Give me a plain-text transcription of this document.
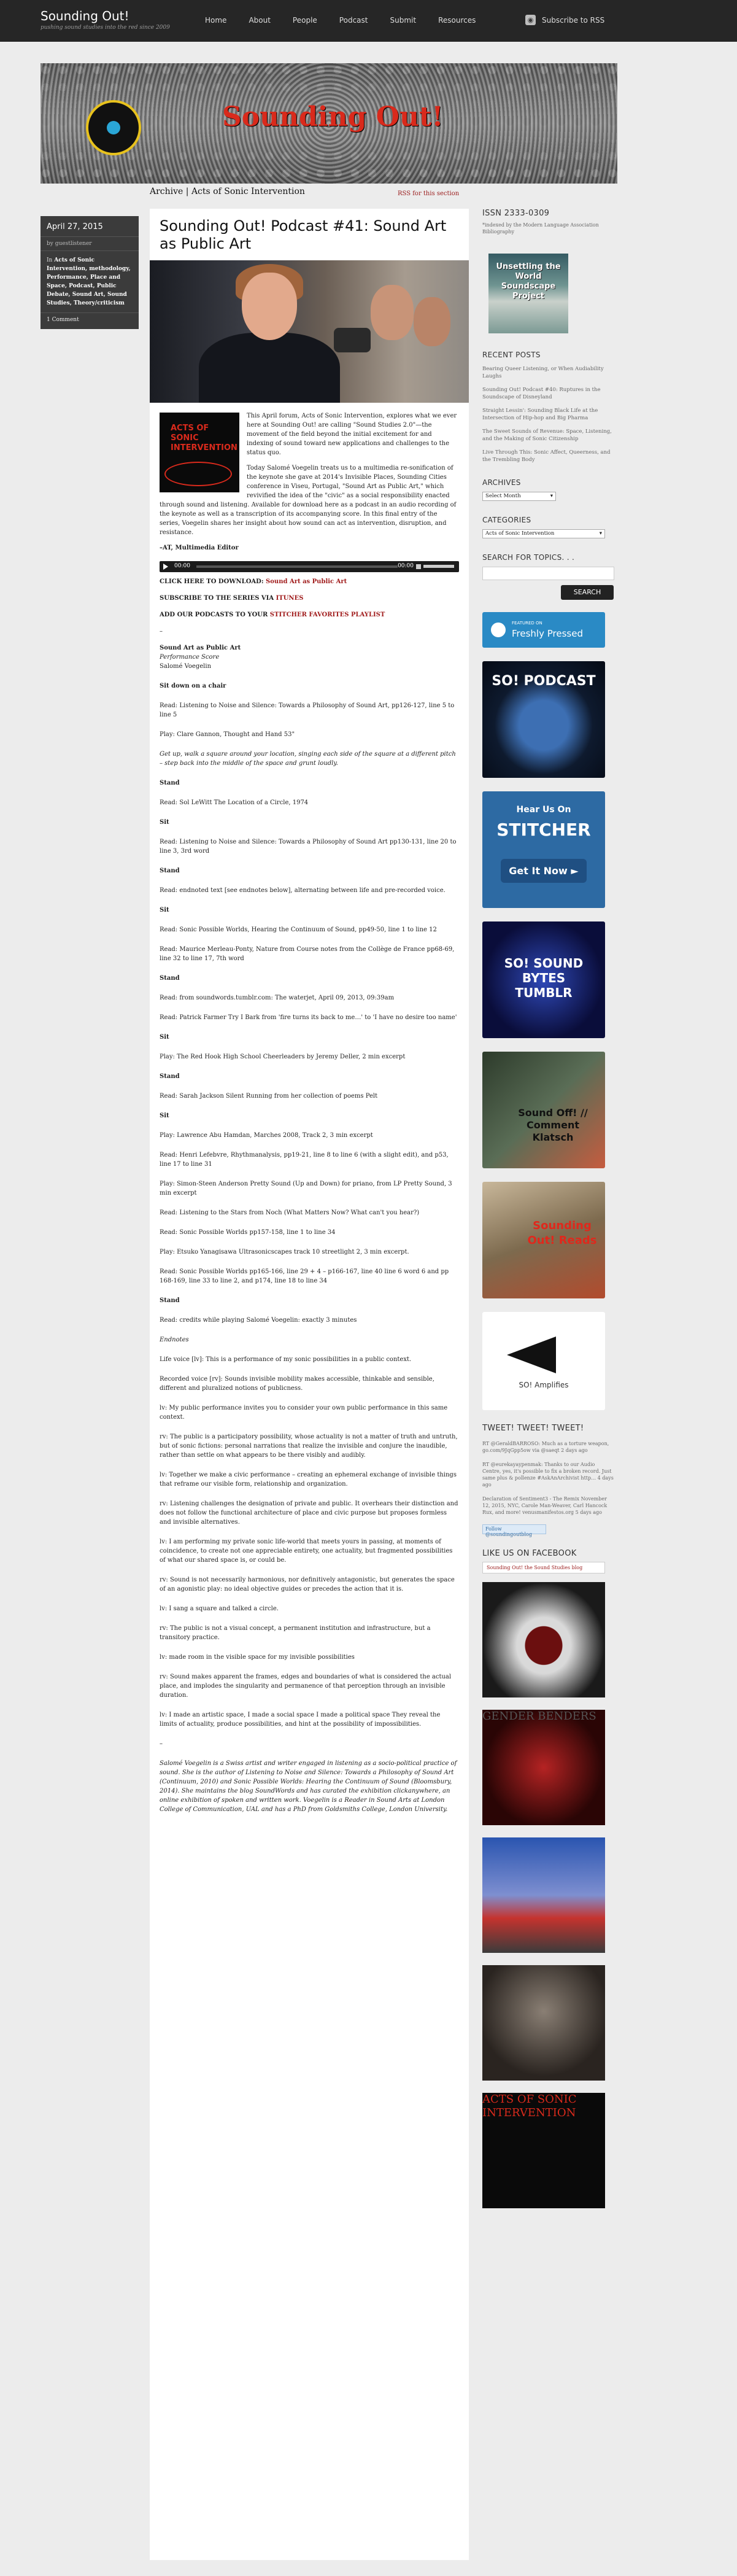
Sounding Out!
pushing sound studies into the red since 2009
Home	About	People	Podcast	Submit	Resources	◉	Subscribe to RSS
Sounding Out!
Archive | Acts of Sonic Intervention	RSS for this section
April 27, 2015
by guestlistener
In Acts of Sonic Intervention, methodology, Performance, Place and Space, Podcast, Public Debate, Sound Art, Sound Studies, Theory/criticism
1 Comment
Sounding Out! Podcast #41: Sound Art as Public Art
ACTS OF SONIC INTERVENTION

This April forum, Acts of Sonic Intervention, explores what we ever here at Sounding Out! are calling "Sound Studies 2.0"—the movement of the field beyond the initial excitement for and indexing of sound toward new applications and challenges to the status quo.

Today Salomé Voegelin treats us to a multimedia re-sonification of the keynote she gave at 2014's Invisible Places, Sounding Cities conference in Viseu, Portugal, "Sound Art as Public Art," which revivified the idea of the "civic" as a social responsibility enacted through sound and listening. Available for download here as a podcast in an audio recording of the keynote as well as a transcription of its accompanying score. In this final entry of the series, Voegelin shares her insight about how sound can act as intervention, disruption, and resistance.

–AT, Multimedia Editor

00:00	00:00
CLICK HERE TO DOWNLOAD: Sound Art as Public Art
SUBSCRIBE TO THE SERIES VIA ITUNES
ADD OUR PODCASTS TO YOUR STITCHER FAVORITES PLAYLIST
–
Sound Art as Public Art
Performance Score
Salomé Voegelin
Sit down on a chair
Read: Listening to Noise and Silence: Towards a Philosophy of Sound Art, pp126-127, line 5 to line 5
Play: Clare Gannon, Thought and Hand 53"
Get up, walk a square around your location, singing each side of the square at a different pitch – step back into the middle of the space and grunt loudly.
Stand
Read: Sol LeWitt The Location of a Circle, 1974
Sit
Read: Listening to Noise and Silence: Towards a Philosophy of Sound Art pp130-131, line 20 to line 3, 3rd word
Stand
Read: endnoted text [see endnotes below], alternating between life and pre-recorded voice.
Sit
Read: Sonic Possible Worlds, Hearing the Continuum of Sound, pp49-50, line 1 to line 12
Read: Maurice Merleau-Ponty, Nature from Course notes from the Collège de France pp68-69, line 32 to line 17, 7th word
Stand
Read: from soundwords.tumblr.com: The waterjet, April 09, 2013, 09:39am
Read: Patrick Farmer Try I Bark from 'fire turns its back to me…' to 'I have no desire too name'
Sit
Play: The Red Hook High School Cheerleaders by Jeremy Deller, 2 min excerpt
Stand
Read: Sarah Jackson Silent Running from her collection of poems Pelt
Sit
Play: Lawrence Abu Hamdan, Marches 2008, Track 2, 3 min excerpt
Read: Henri Lefebvre, Rhythmanalysis, pp19-21, line 8 to line 6 (with a slight edit), and p53, line 17 to line 31
Play: Simon-Steen Anderson Pretty Sound (Up and Down) for priano, from LP Pretty Sound, 3 min excerpt
Read: Listening to the Stars from Noch (What Matters Now? What can't you hear?)
Read: Sonic Possible Worlds pp157-158, line 1 to line 34
Play: Etsuko Yanagisawa Ultrasonicscapes track 10 streetlight 2, 3 min excerpt.
Read: Sonic Possible Worlds pp165-166, line 29 + 4 – p166-167, line 40 line 6 word 6 and pp 168-169, line 33 to line 2, and p174, line 18 to line 34
Stand
Read: credits while playing Salomé Voegelin: exactly 3 minutes
Endnotes
Life voice [lv]: This is a performance of my sonic possibilities in a public context.
Recorded voice [rv]: Sounds invisible mobility makes accessible, thinkable and sensible, different and pluralized notions of publicness.
lv: My public performance invites you to consider your own public performance in this same context.
rv: The public is a participatory possibility, whose actuality is not a matter of truth and untruth, but of sonic fictions: personal narrations that realize the invisible and conjure the inaudible, rather than settle on what appears to be there visibly and audibly.
lv: Together we make a civic performance – creating an ephemeral exchange of invisible things that reframe our visible form, relationship and organization.
rv: Listening challenges the designation of private and public. It overhears their distinction and does not follow the functional architecture of place and civic purpose but proposes formless and invisible alternatives.
lv: I am performing my private sonic life-world that meets yours in passing, at moments of coincidence, to create not one appreciable entirety, one actuality, but fragmented possibilities of what our shared space is, or could be.
rv: Sound is not necessarily harmonious, nor definitively antagonistic, but generates the space of an agonistic play: no ideal objective guides or precedes the action that it is.
lv: I sang a square and talked a circle.
rv: The public is not a visual concept, a permanent institution and infrastructure, but a transitory practice.
lv: made room in the visible space for my invisible possibilities
rv: Sound makes apparent the frames, edges and boundaries of what is considered the actual place, and implodes the singularity and permanence of that perception through an invisible duration.
lv: I made an artistic space, I made a social space I made a political space They reveal the limits of actuality, produce possibilities, and hint at the possibility of impossibilities.
–
Salomé Voegelin is a Swiss artist and writer engaged in listening as a socio-political practice of sound. She is the author of Listening to Noise and Silence: Towards a Philosophy of Sound Art (Continuum, 2010) and Sonic Possible Worlds: Hearing the Continuum of Sound (Bloomsbury, 2014). She maintains the blog SoundWords and has curated the exhibition clickanywhere, an online exhibition of spoken and written work. Voegelin is a Reader in Sound Arts at London College of Communication, UAL and has a PhD from Goldsmiths College, London University.
ISSN 2333-0309
*indexed by the Modern Language Association Bibliography
Unsettling the World Soundscape Project
RECENT POSTS
Bearing Queer Listening, or When Audiability Laughs
Sounding Out! Podcast #40: Ruptures in the Soundscape of Disneyland
Straight Lessin': Sounding Black Life at the Intersection of Hip-hop and Big Pharma
The Sweet Sounds of Revenue: Space, Listening, and the Making of Sonic Citizenship
Live Through This: Sonic Affect, Queerness, and the Trembling Body
ARCHIVES
Select Month	▾
CATEGORIES
Acts of Sonic Intervention	▾
SEARCH FOR TOPICS. . .
SEARCH
FEATURED ON
Freshly Pressed
SO! PODCAST
Hear Us On
STITCHER
Get It Now ►
SO! SOUND BYTES TUMBLR
Sound Off! // Comment Klatsch
Sounding Out! Reads
SO! Amplifies
TWEET! TWEET! TWEET!
RT @GeraldBARROSO: Much as a torture weapon, go.com/9JqGpp5ow via @saeqt 2 days ago
RT @eurekayaypenmak: Thanks to our Audio Centre, yes, it's possible to fix a broken record. Just same plus & pollenze #AskAnArchivist http… 4 days ago
Declaration of Sentiment3 - The Remix November 12, 2015, NYC, Carole Man-Weaver, Carl Hancock Rux, and more! venusmanifestos.org 5 days ago
Follow @soundingoutblog
LIKE US ON FACEBOOK
Sounding Out! the Sound Studies blog
GENDER BENDERS
ACTS OF SONIC INTERVENTION
